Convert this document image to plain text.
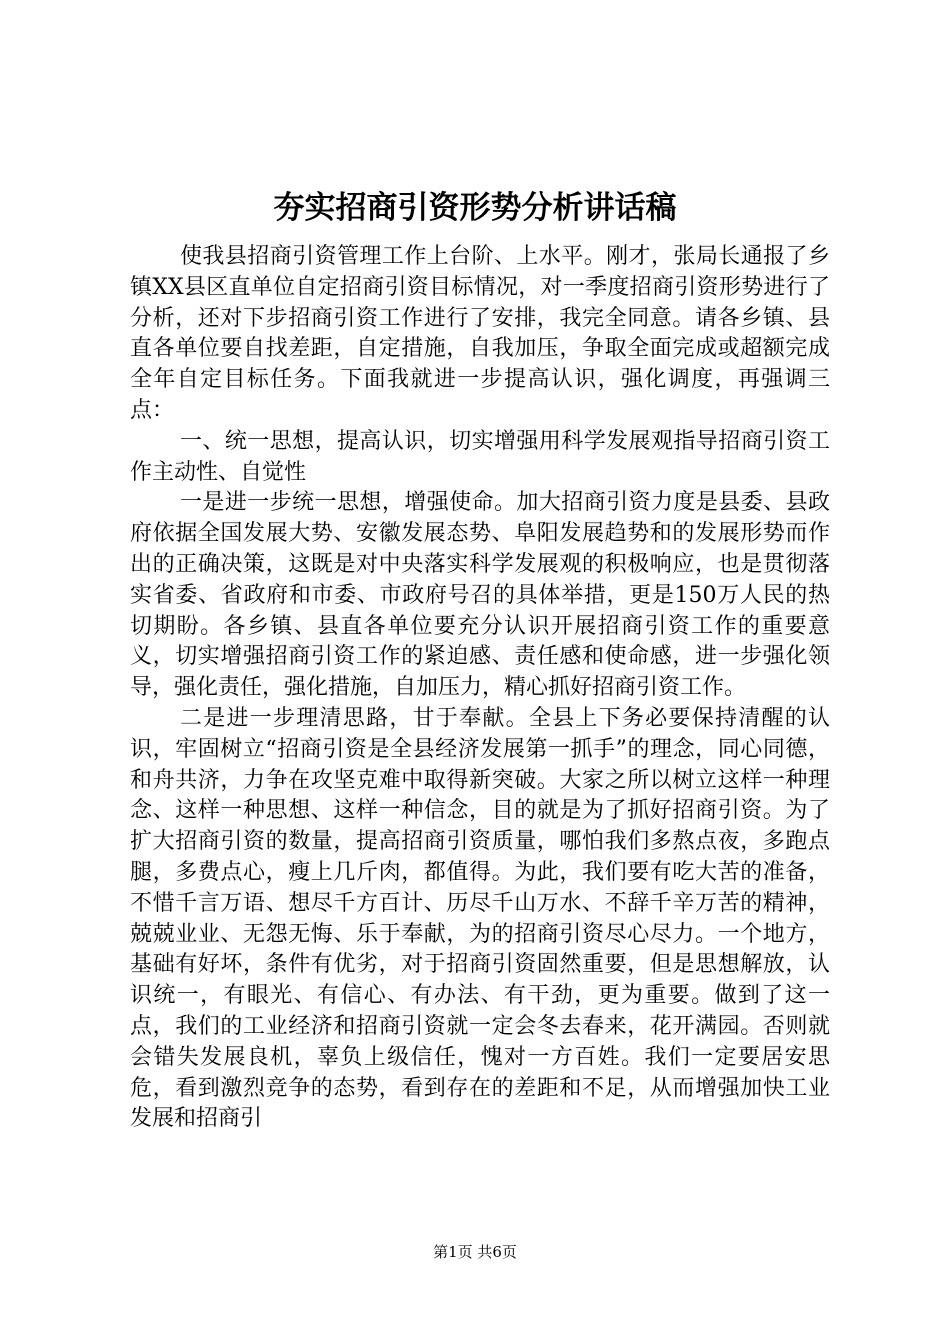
夯实招商引资形势分析讲话稿

使我县招商引资管理工作上台阶、上水平。刚才，张局长通报了乡镇XX县区直单位自定招商引资目标情况，对一季度招商引资形势进行了分析，还对下步招商引资工作进行了安排，我完全同意。请各乡镇、县直各单位要自找差距，自定措施，自我加压，争取全面完成或超额完成全年自定目标任务。下面我就进一步提高认识，强化调度，再强调三点：

一、统一思想，提高认识，切实增强用科学发展观指导招商引资工作主动性、自觉性

一是进一步统一思想，增强使命。加大招商引资力度是县委、县政府依据全国发展大势、安徽发展态势、阜阳发展趋势和的发展形势而作出的正确决策，这既是对中央落实科学发展观的积极响应，也是贯彻落实省委、省政府和市委、市政府号召的具体举措，更是150万人民的热切期盼。各乡镇、县直各单位要充分认识开展招商引资工作的重要意义，切实增强招商引资工作的紧迫感、责任感和使命感，进一步强化领导，强化责任，强化措施，自加压力，精心抓好招商引资工作。

二是进一步理清思路，甘于奉献。全县上下务必要保持清醒的认识，牢固树立“招商引资是全县经济发展第一抓手”的理念，同心同德，和舟共济，力争在攻坚克难中取得新突破。大家之所以树立这样一种理念、这样一种思想、这样一种信念，目的就是为了抓好招商引资。为了扩大招商引资的数量，提高招商引资质量，哪怕我们多熬点夜，多跑点腿，多费点心，瘦上几斤肉，都值得。为此，我们要有吃大苦的准备，不惜千言万语、想尽千方百计、历尽千山万水、不辞千辛万苦的精神，兢兢业业、无怨无悔、乐于奉献，为的招商引资尽心尽力。一个地方，基础有好坏，条件有优劣，对于招商引资固然重要，但是思想解放，认识统一，有眼光、有信心、有办法、有干劲，更为重要。做到了这一点，我们的工业经济和招商引资就一定会冬去春来，花开满园。否则就会错失发展良机，辜负上级信任，愧对一方百姓。我们一定要居安思危，看到激烈竞争的态势，看到存在的差距和不足，从而增强加快工业发展和招商引

第1页 共6页
